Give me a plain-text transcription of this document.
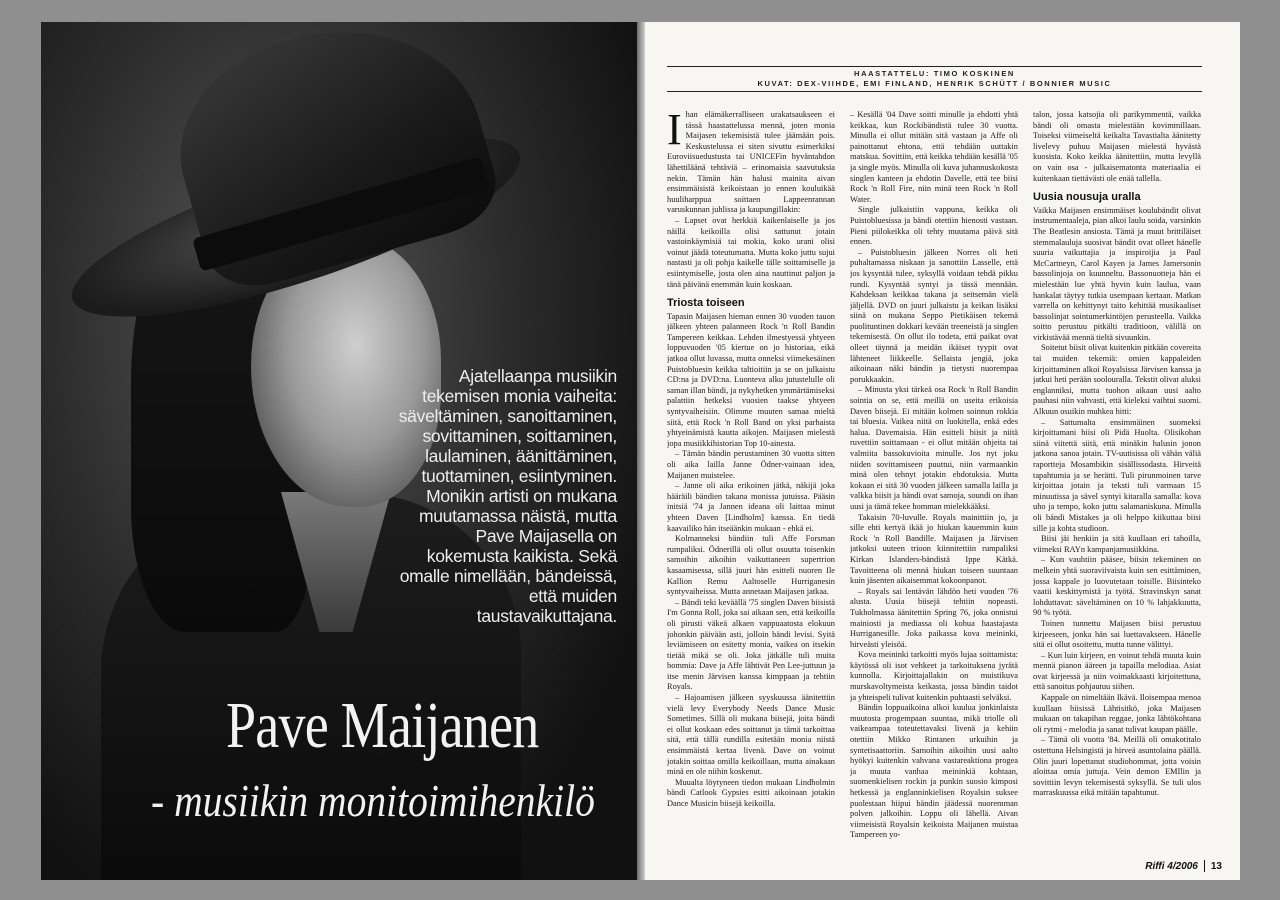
Ajatellaanpa musiikin
tekemisen monia vaiheita:
säveltäminen, sanoittaminen,
sovittaminen, soittaminen,
laulaminen, äänittäminen,
tuottaminen, esiintyminen.
Monikin artisti on mukana
muutamassa näistä, mutta
Pave Maijasella on
kokemusta kaikista. Sekä
omalle nimellään, bändeissä,
että muiden
taustavaikuttajana.
Pave Maijanen
- musiikin monitoimihenkilö
HAASTATTELU: TIMO KOSKINEN
KUVAT: DEX-VIIHDE, EMI FINLAND, HENRIK SCHÜTT / BONNIER MUSIC

Ihan elämäkerralliseen urakatsaukseen ei tässä haastattelussa mennä, joten monia Maijasen tekemisistä tulee jäämään pois. Keskustelussa ei siten sivuttu esimerkiksi Euroviisuedustusta tai UNICEFin hyväntahdon lähettiläänä tehtäviä – erinomaisia saavutuksia nekin. Tämän hän halusi mainita aivan ensimmäisistä keikoistaan jo ennen kouluikää huuliharppua soittaen Lappeenrannan varuskunnan juhlissa ja kaupungillakin:

– Lapset ovat herkkiä kaikenlaiselle ja jos näillä keikoilla olisi sattunut jotain vastoinkäymisiä tai mokia, koko urani olisi voinut jäädä toteutumatta. Mutta koko juttu sujui nastasti ja oli pohja kaikelle tälle soittamiselle ja esiintymiselle, josta olen aina nauttinut paljon ja tänä päivänä enemmän kuin koskaan.

Triosta toiseen

Tapasin Maijasen hieman ennen 30 vuoden tauon jälkeen yhteen palanneen Rock 'n Roll Bandin Tampereen keikkaa. Lehden ilmestyessä yhtyeen loppuvuoden '05 kiertue on jo historiaa, eikä jatkoa ollut luvassa, mutta onneksi viimekesäinen Puistobluesin keikka taltioitiin ja se on julkaistu CD:na ja DVD:na. Luonteva alku jutustelulle oli saman illan bändi, ja nykyhetken ymmärtämiseksi palattiin hetkeksi vuosien taakse yhtyeen syntyvaiheisiin. Olimme muuten samaa mieltä siitä, että Rock 'n Roll Band on yksi parhaista yhtyeinämistä kautta aikojen. Maijasen mielestä jopa musiikkihistorian Top 10-ainesta.

– Tämän bändin perustaminen 30 vuotta sitten oli aika lailla Janne Ödner-vainaan idea, Maijanen muistelee.

– Janne oli aika erikoinen jätkä, näkijä joka hääräili bändien takana monissa jutuissa. Pääsin initsiä '74 ja Jannen ideana oli laittaa minut yhteen Daven [Lindholm] kanssa. En tiedä kaavailiko hän itseäänkin mukaan - ehkä ei.

Kolmanneksi bändiin tuli Affe Forsman rumpaliksi. Ödnerillä oli ollut osuutta toisenkin samoihin aikoihin vaikuttaneen supertrion kasaamisessa, sillä juuri hän esitteli nuoren Ile Kallion Remu Aaltoselle Hurriganesin syntyvaiheissa. Mutta annetaan Maijasen jatkaa.

– Bändi teki keväällä '75 singlen Daven biisistä I'm Gonna Roll, joka sai aikaan sen, että keikoilla oli pirusti väkeä alkaen vappuaatosta elokuun johonkin päivään asti, jolloin bändi levisi. Syitä leviämiseen on esitetty monia, vaikea on itsekin tietää mikä se oli. Joka jätkälle tuli muita hommia: Dave ja Affe lähtivät Pen Lee-juttuun ja itse menin Järvisen kanssa kimppaan ja tehtiin Royals.

– Hajoamisen jälkeen syyskuussa äänitettiin vielä levy Everybody Needs Dance Music Sometimes. Sillä oli mukana biisejä, joita bändi ei ollut koskaan edes soittanut ja tämä tarkoittaa sitä, että tällä rundilla esitetään monia niistä ensimmäistä kertaa livenä. Dave on voinut jotakin soittaa omilla keikoillaan, mutta ainakaan minä en ole niihin koskenut.

Muualta löytyneen tiedon mukaan Lindholmin bändi Catlook Gypsies esitti aikoinaan jotakin Dance Musicin biisejä keikoilla.

– Kesällä '04 Dave soitti minulle ja ehdotti yhtä keikkaa, kun Rockibändistä tulee 30 vuotta. Minulla ei ollut mitään sitä vastaan ja Affe oli painottanut ehtona, että tehdään uuttakin matskua. Sovittiin, että keikka tehdään kesällä '05 ja single myös. Minulla oli kuva juhannuskokosta singlen kanteen ja ehdotin Davelle, että tee biisi Rock 'n Roll Fire, niin minä teen Rock 'n Roll Water.

Single julkaistiin vappuna, keikka oli Puistobluesissa ja bändi otettiin hienosti vastaan. Pieni piilokeikka oli tehty muutama päivä sitä ennen.

– Puistobluesin jälkeen Norres oli heti puhaltamassa niskaan ja sanottiin Lasselle, että jos kysyntää tulee, syksyllä voidaan tehdä pikku rundi. Kysyntää syntyi ja tässä mennään. Kahdeksan keikkaa takana ja seitsemän vielä jäljellä. DVD on juuri julkaistu ja keikan lisäksi siinä on mukana Seppo Pietikäisen tekemä puolituntinen dokkari kevään treeneistä ja singlen tekemisestä. On ollut ilo todeta, että paikat ovat olleet täynnä ja meidän ikäiset tyypit ovat lähteneet liikkeelle. Sellaista jengiä, joka aikoinaan näki bändin ja tietysti nuorempaa porukkaakin.

– Minusta yksi tärkeä osa Rock 'n Roll Bandin sointia on se, että meillä on useita erikoisia Daven biisejä. Ei mitään kolmen soinnun rokkia tai bluesia. Vaikea niitä on luokitella, enkä edes halua. Davemaisia. Hän esitteli biisit ja niitä ruvettiin soittamaan - ei ollut mitään ohjeita tai valmiita bassokuvioita minulle. Jos nyt joku niiden sovittamiseen puuttui, niin varmaankin minä olen tehnyt jotakin ehdotuksia. Mutta kokaan ei sitä 30 vuoden jälkeen samalla lailla ja valkka biisit ja bändi ovat samoja, soundi on ihan uusi ja tämä tekee homman mielekkääksi.

Takaisin 70-luvulle. Royals mainittiin jo, ja sille ehti kertyä ikää jo hiukan kauemmin kuin Rock 'n Roll Bandille. Maijasen ja Järvisen jatkoksi uuteen trioon kiinnitettiin rumpaliksi Kirkan Islanders-bändistä Ippe Kätkä. Tavoitteena oli mennä hiukan toiseen suuntaan kuin jäsenten aikaisemmat kokoonpanot.

– Royals sai lentävän lähdön heti vuoden '76 alusta. Uusia biisejä tehtiin nopeasti. Tukholmassa äänitettiin Spring 76, joka onnistui mainiosti ja mediassa oli kohua haastajasta Hurriganesille. Joka paikassa kova meininki, hirveästi yleisöä.

Kova meininki tarkoitti myös lujaa soittamista: käytössä oli isot vehkeet ja tarkoituksena jyrätä kunnolla. Kirjoittajallakin on muistikuva murskavoltymeista keikasta, jossa bändin taidot ja yhteispeli tulivat kuitenkin puhtaasti selväksi.

Bändin loppuaikoina alkoi kuulua jonkinlaista muutosta progempaan suuntaa, mikä triolle oli vaikeampaa toteutettavaksi livenä ja kehiin otettiin Mikko Rintanen urkuihin ja syntetisaattoriin. Samoihin aikoihin uusi aalto hyökyi kuitenkin vahvana vastareaktiona progea ja muuta vanhaa meininkiä kohtaan, suomenkielisen rockin ja punkin suosio kimposi hetkessä ja englanninkielisen Royalsin suksee puolestaan hiipui bändin jäädessä nuoremman polven jalkoihin. Loppu oli lähellä. Aivan viimeisistä Royalsin keikoista Maijanen muistaa Tampereen yo-

talon, jossa katsojia oli parikymmentä, vaikka bändi oli omasta mielestään kovimmillaan. Toiseksi viimeiseltä keikalta Tavastialta äänitetty livelevy puhuu Maijasen mielestä hyvästä kuosista. Koko keikka äänitettiin, mutta levyllä on vain osa - julkaisematonta materiaalia ei kuitenkaan tiettävästi ole enää tallella.

Uusia nousuja uralla

Vaikka Maijasen ensimmäiset koulubändit olivat instrumentaaleja, pian alkoi laulu soida, varsinkin The Beatlesin ansiosta. Tämä ja muut brittiläiset stemmalauluja suosivat bändit ovat olleet hänelle suuria vaikuttajia ja inspiroijia ja Paul McCartneyn, Carol Kayen ja James Jamersonin bassolinjoja on kuunneltu. Bassonuotteja hän ei mielestään lue yhtä hyvin kuin laulua, vaan hankalat täytyy tutkia usempaan kertaan. Matkan varrella on kehittynyt taito kehittää musikaaliset bassolinjat sointumerkintöjen perusteella. Vaikka soitto perustuu pitkälti traditioon, välillä on virkistävää mennä tieltä sivuunkin.

Soitetut biisit olivat kuitenkin pitkään covereita tai muiden tekemiä: omien kappaleiden kirjoittaminen alkoi Royalsissa Järvisen kanssa ja jatkui heti perään soolouralla. Tekstit olivat aluksi englanniksi, mutta tuohon aikaan uusi aalto pauhasi niin vahvasti, että kieleksi vaihtui suomi. Alkuun osuikin muhkea hitti:

– Sattumalta ensimmäinen suomeksi kirjoittamani biisi oli Pidä Huolta. Olisikohan siinä viitettä siitä, että minäkin halusin jonon jatkona sanoa jotain. TV-uutisissa oli vähän väliä raportteja Mosambikin sisällissodasta. Hirveitä tapahtumia ja se herätti. Tuli pirunmoinen tarve kirjoittaa jotain ja teksti tuli varmaan 15 minuutissa ja sävel syntyi kitaralla samalla: kova uho ja tempo, koko juttu salamaniskuna. Minulla oli bändi Mistakes ja oli helppo kiikuttaa biisi sille ja kohta studioon.

Biisi jäi henkiin ja sitä kuullaan eri tahoilla, viimeksi RAYn kampanjamusiikkina.

– Kun vauhtiin pääsee, biisin tekeminen on melkein yhtä suoraviivaista kuin sen esittäminen, jossa kappale jo luovutetaan toisille. Biisinteko vaatii keskittymistä ja työtä. Stravinskyn sanat lohduttavat: säveltäminen on 10 % lahjakkuutta, 90 % työtä.

Toinen tunnettu Maijasen biisi perustuu kirjeeseen, jonka hän sai luettavakseen. Hänelle sitä ei ollut osoitettu, mutta tunne välittyi.

– Kun luin kirjeen, en voinut tehdä muuta kuin mennä pianon ääreen ja tapailla melodiaa. Asiat ovat kirjeessä ja niin voimakkaasti kirjoitettuna, että sanoitus pohjautuu siihen.

Kappale on nimeltään Ikävä. Iloisempaa menoa kuullaan biisissä Lähtisitkö, joka Maijasen mukaan on takapihan reggae, jonka lähtökohtana oli rytmi - melodia ja sanat tulivat kaupan päälle.

– Tämä oli vuotta '84. Meillä oli omakotitalo ostettuna Helsingistä ja hirveä asuntolaina päällä. Olin juuri lopettanut studiohommat, jotta voisin aloittaa omia juttuja. Vein demon EMIlin ja sovittiin levyn tekemisestä syksyllä. Se tuli ulos marraskuussa eikä mitään tapahtunut.

Riffi 4/2006 13
